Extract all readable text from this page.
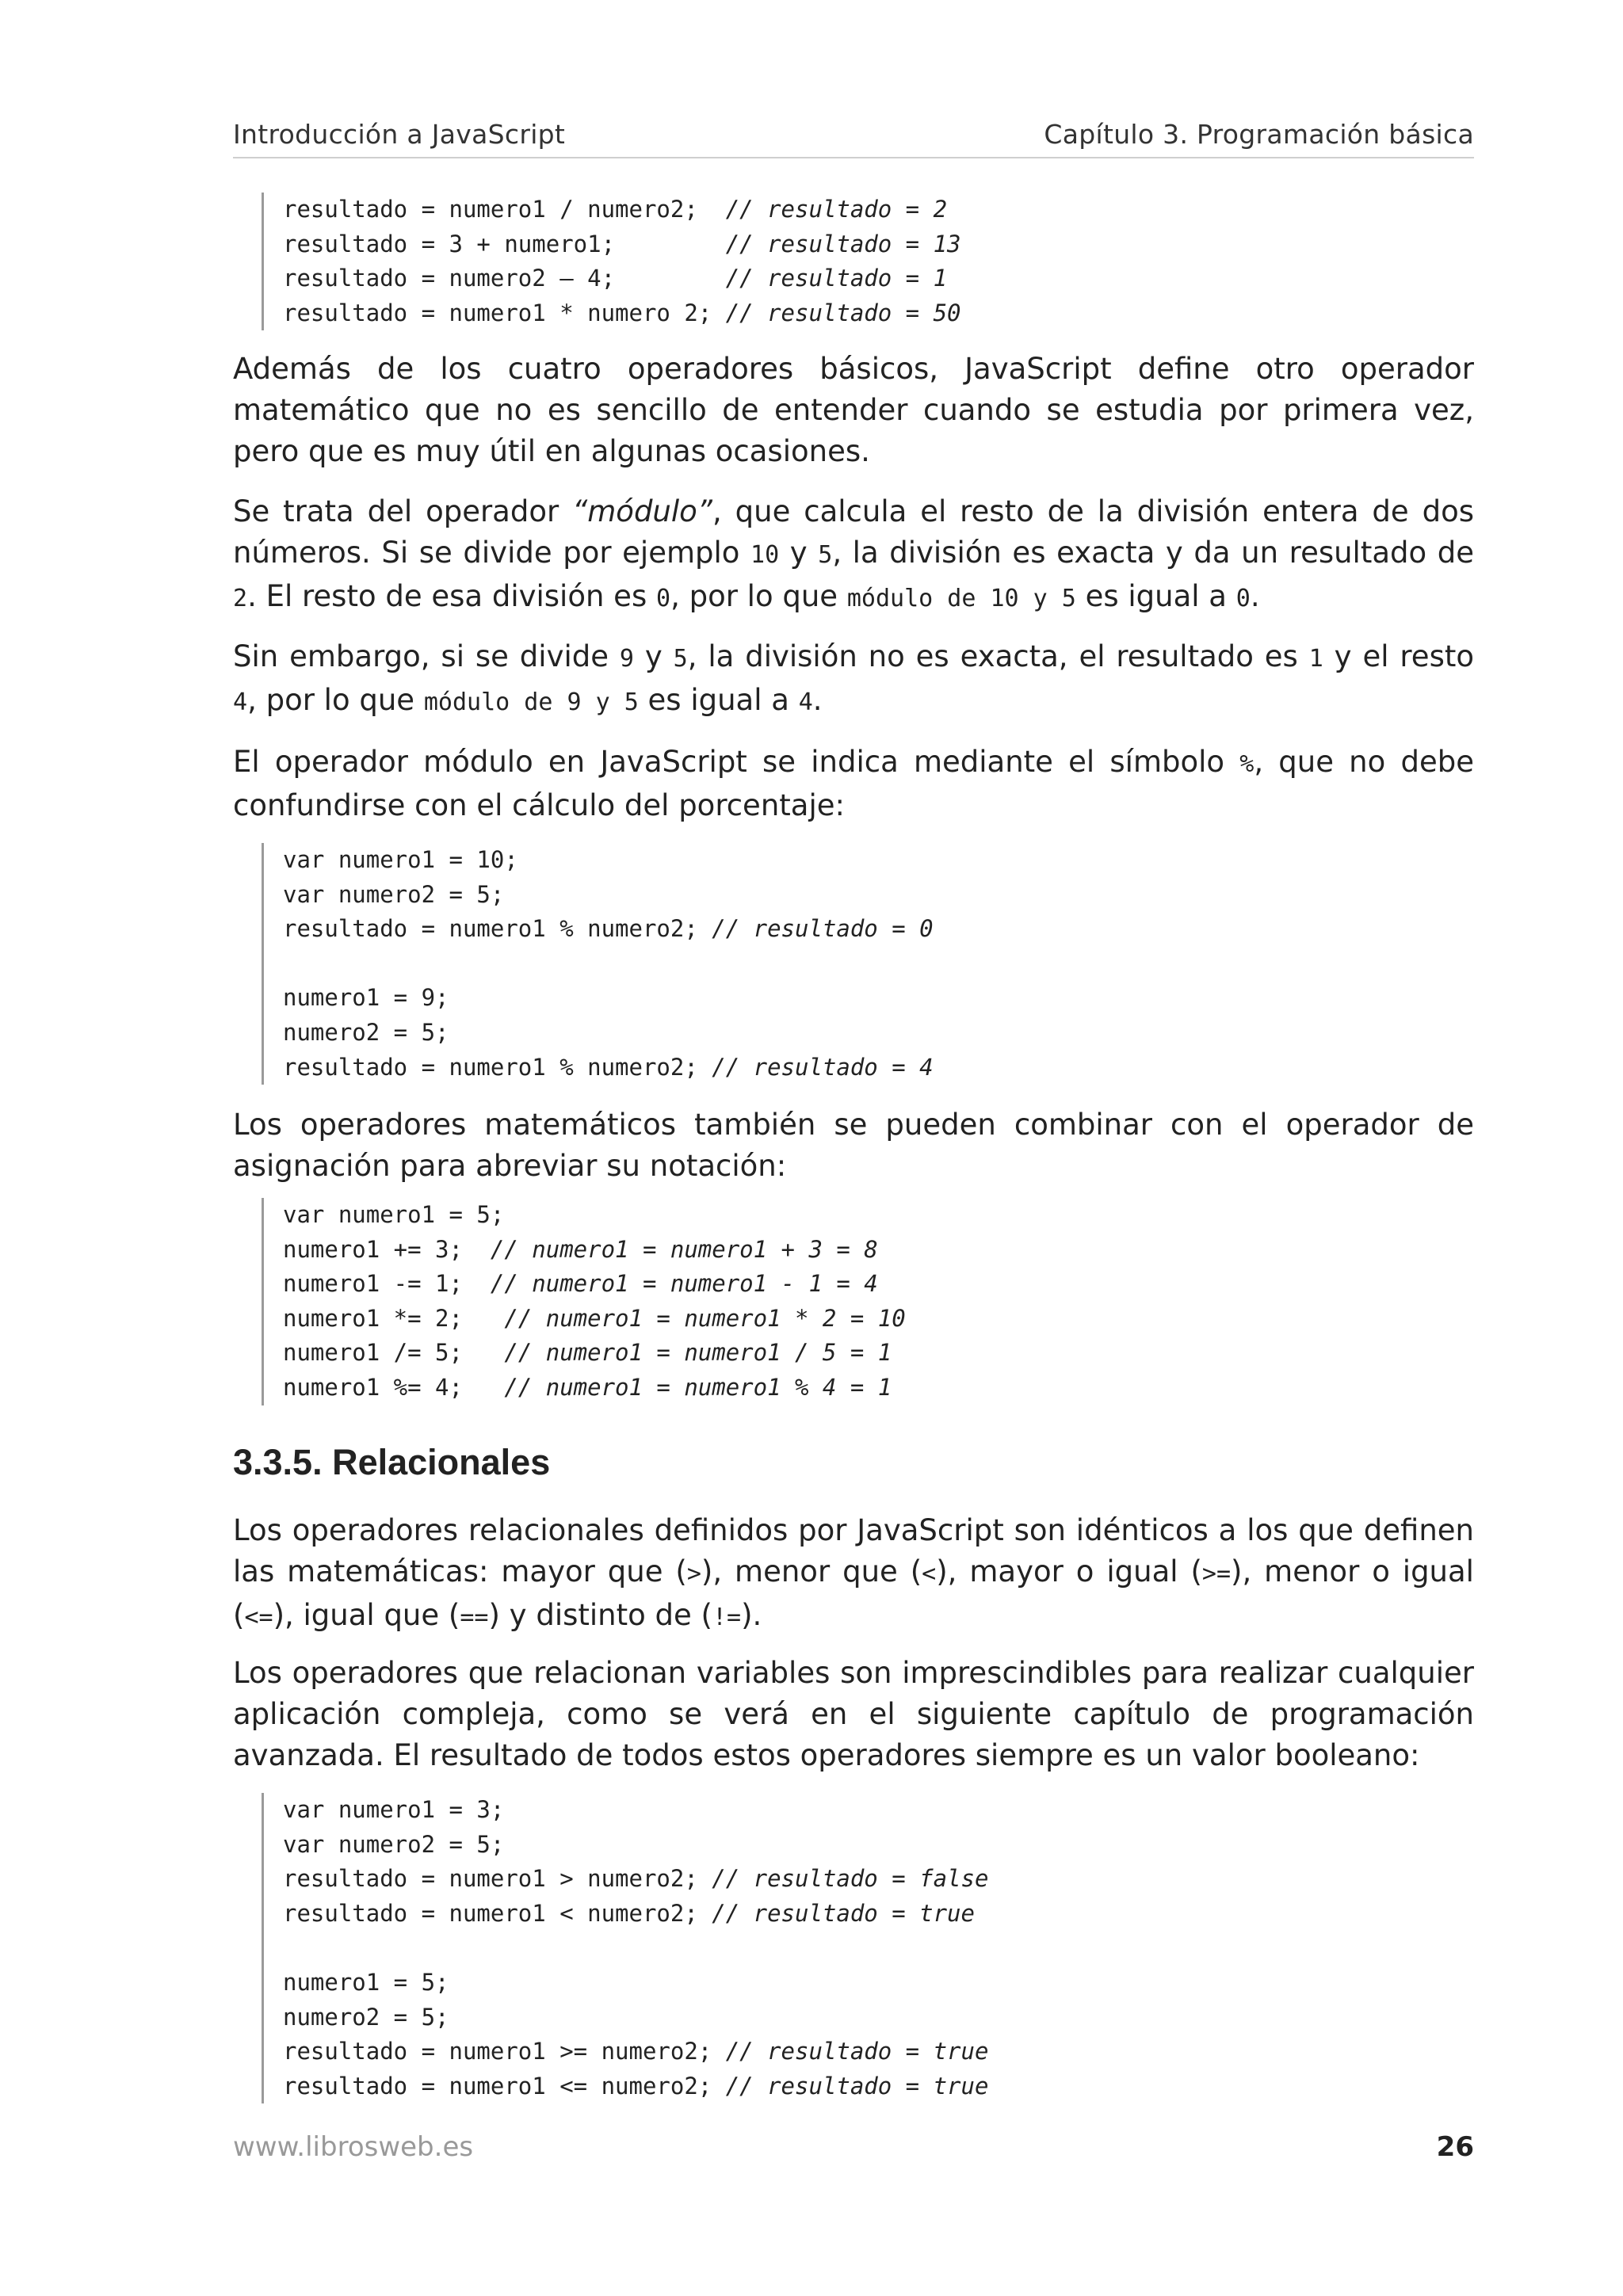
Introducción a JavaScript	Capítulo 3. Programación básica
resultado = numero1 / numero2;  // resultado = 2
resultado = 3 + numero1;        // resultado = 13
resultado = numero2 – 4;        // resultado = 1
resultado = numero1 * numero 2; // resultado = 50

Además de los cuatro operadores básicos, JavaScript define otro operador matemático que no es sencillo de entender cuando se estudia por primera vez, pero que es muy útil en algunas ocasiones.

Se trata del operador “módulo”, que calcula el resto de la división entera de dos números. Si se divide por ejemplo 10 y 5, la división es exacta y da un resultado de 2. El resto de esa división es 0, por lo que módulo de 10 y 5 es igual a 0.

Sin embargo, si se divide 9 y 5, la división no es exacta, el resultado es 1 y el resto 4, por lo que módulo de 9 y 5 es igual a 4.

El operador módulo en JavaScript se indica mediante el símbolo %, que no debe confundirse con el cálculo del porcentaje:

var numero1 = 10;
var numero2 = 5;
resultado = numero1 % numero2; // resultado = 0
numero1 = 9;
numero2 = 5;
resultado = numero1 % numero2; // resultado = 4

Los operadores matemáticos también se pueden combinar con el operador de asignación para abreviar su notación:

var numero1 = 5;
numero1 += 3;  // numero1 = numero1 + 3 = 8
numero1 -= 1;  // numero1 = numero1 - 1 = 4
numero1 *= 2;   // numero1 = numero1 * 2 = 10
numero1 /= 5;   // numero1 = numero1 / 5 = 1
numero1 %= 4;   // numero1 = numero1 % 4 = 1
3.3.5. Relacionales

Los operadores relacionales definidos por JavaScript son idénticos a los que definen las matemáticas: mayor que (>), menor que (<), mayor o igual (>=), menor o igual (<=), igual que (==) y distinto de (!=).

Los operadores que relacionan variables son imprescindibles para realizar cualquier aplicación compleja, como se verá en el siguiente capítulo de programación avanzada. El resultado de todos estos operadores siempre es un valor booleano:

var numero1 = 3;
var numero2 = 5;
resultado = numero1 > numero2; // resultado = false
resultado = numero1 < numero2; // resultado = true
numero1 = 5;
numero2 = 5;
resultado = numero1 >= numero2; // resultado = true
resultado = numero1 <= numero2; // resultado = true
www.librosweb.es	26
